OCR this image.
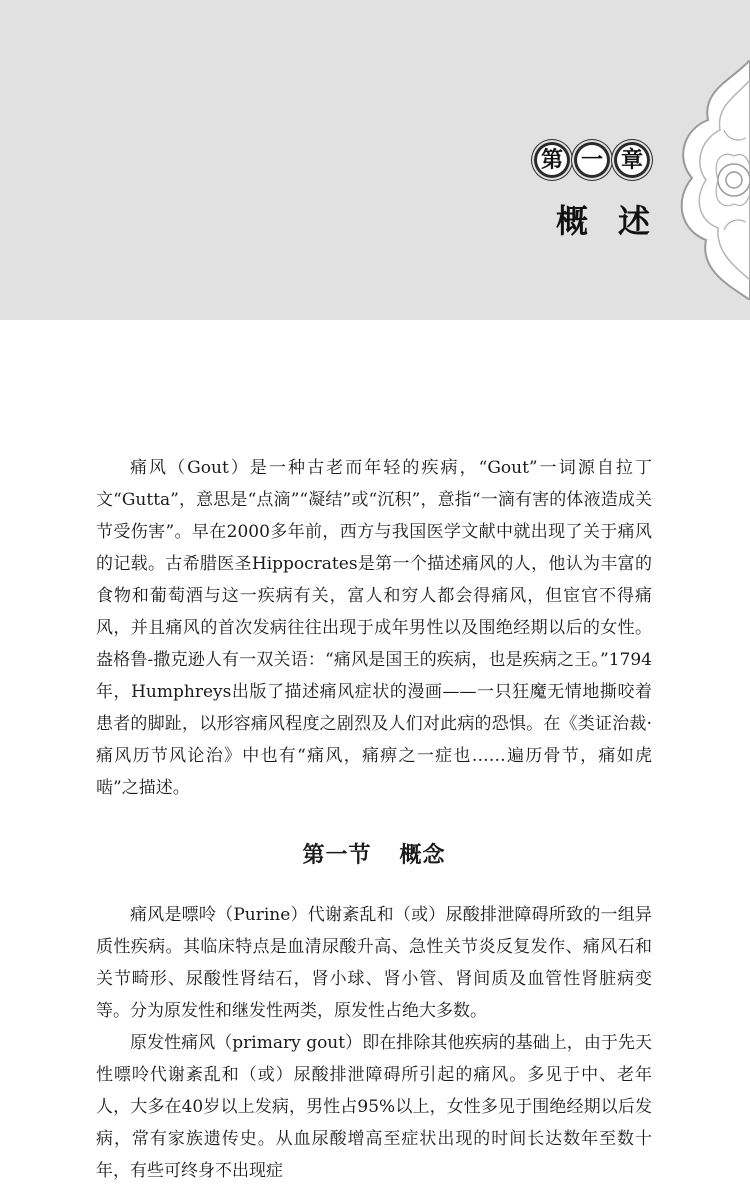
第 一 章
概述

痛风（Gout）是一种古老而年轻的疾病，“Gout”一词源自拉丁文“Gutta”，意思是“点滴”“凝结”或“沉积”，意指“一滴有害的体液造成关节受伤害”。早在2000多年前，西方与我国医学文献中就出现了关于痛风的记载。古希腊医圣Hippocrates是第一个描述痛风的人，他认为丰富的食物和葡萄酒与这一疾病有关，富人和穷人都会得痛风，但宦官不得痛风，并且痛风的首次发病往往出现于成年男性以及围绝经期以后的女性。盎格鲁-撒克逊人有一双关语：“痛风是国王的疾病，也是疾病之王。”1794年，Humphreys出版了描述痛风症状的漫画——一只狂魔无情地撕咬着患者的脚趾，以形容痛风程度之剧烈及人们对此病的恐惧。在《类证治裁·痛风历节风论治》中也有“痛风，痛痹之一症也……遍历骨节，痛如虎啮”之描述。

第一节 概念

痛风是嘌呤（Purine）代谢紊乱和（或）尿酸排泄障碍所致的一组异质性疾病。其临床特点是血清尿酸升高、急性关节炎反复发作、痛风石和关节畸形、尿酸性肾结石，肾小球、肾小管、肾间质及血管性肾脏病变等。分为原发性和继发性两类，原发性占绝大多数。

原发性痛风（primary gout）即在排除其他疾病的基础上，由于先天性嘌呤代谢紊乱和（或）尿酸排泄障碍所引起的痛风。多见于中、老年人，大多在40岁以上发病，男性占95%以上，女性多见于围绝经期以后发病，常有家族遗传史。从血尿酸增高至症状出现的时间长达数年至数十年，有些可终身不出现症
